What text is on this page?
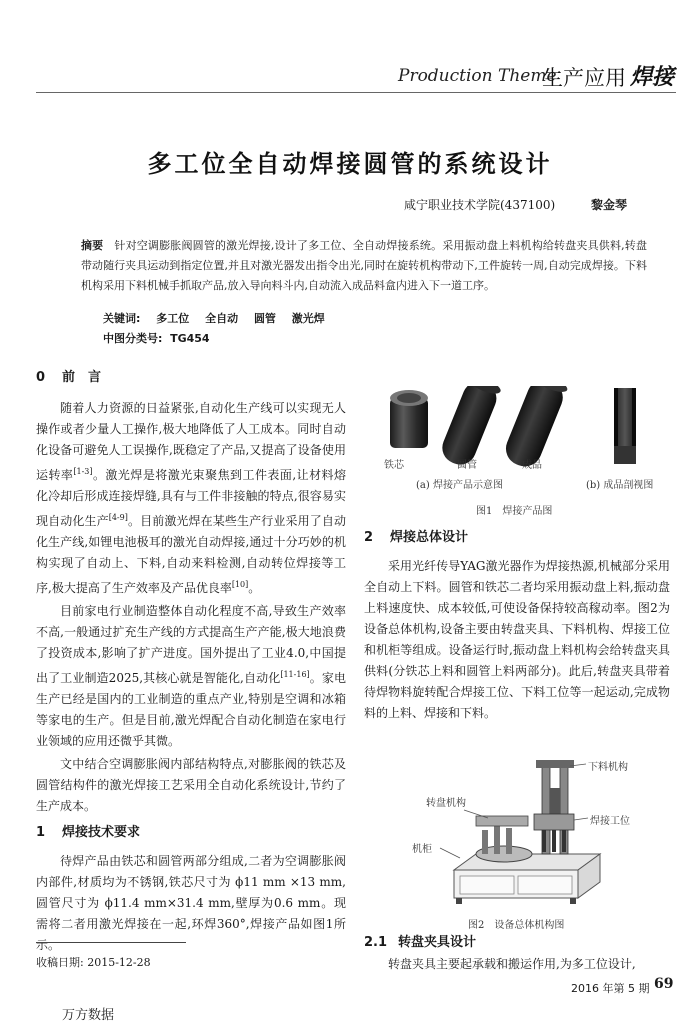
Production Theme
生产应用 焊接
多工位全自动焊接圆管的系统设计
咸宁职业技术学院(437100)	黎金琴
摘要 针对空调膨胀阀圆管的激光焊接,设计了多工位、全自动焊接系统。采用振动盘上料机构给转盘夹具供料,转盘带动随行夹具运动到指定位置,并且对激光器发出指令出光,同时在旋转机构带动下,工件旋转一周,自动完成焊接。下料机构采用下料机械手抓取产品,放入导向料斗内,自动流入成品料盒内进入下一道工序。
关键词: 多工位 全自动 圆管 激光焊
中图分类号: TG454
0 前　言

随着人力资源的日益紧张,自动化生产线可以实现无人操作或者少量人工操作,极大地降低了人工成本。同时自动化设备可避免人工误操作,既稳定了产品,又提高了设备使用运转率[1-3]。激光焊是将激光束聚焦到工件表面,让材料熔化冷却后形成连接焊缝,具有与工件非接触的特点,很容易实现自动化生产[4-9]。目前激光焊在某些生产行业采用了自动化生产线,如锂电池极耳的激光自动焊接,通过十分巧妙的机构实现了自动上、下料,自动来料检测,自动转位焊接等工序,极大提高了生产效率及产品优良率[10]。

目前家电行业制造整体自动化程度不高,导致生产效率不高,一般通过扩充生产线的方式提高生产产能,极大地浪费了投资成本,影响了扩产进度。国外提出了工业4.0,中国提出了工业制造2025,其核心就是智能化,自动化[11-16]。家电生产已经是国内的工业制造的重点产业,特别是空调和冰箱等家电的生产。但是目前,激光焊配合自动化制造在家电行业领域的应用还微乎其微。

文中结合空调膨胀阀内部结构特点,对膨胀阀的铁芯及圆管结构件的激光焊接工艺采用全自动化系统设计,节约了生产成本。

1 焊接技术要求

待焊产品由铁芯和圆管两部分组成,二者为空调膨胀阀内部件,材质均为不锈钢,铁芯尺寸为 ϕ11 mm ×13 mm,圆管尺寸为 ϕ11.4 mm×31.4 mm,壁厚为0.6 mm。现需将二者用激光焊接在一起,环焊360°,焊接产品如图1所示。

铁芯	圆管	成品
(a) 焊接产品示意图	(b) 成品剖视图
图1　焊接产品图
2 焊接总体设计

采用光纤传导YAG激光器作为焊接热源,机械部分采用全自动上下料。圆管和铁芯二者均采用振动盘上料,振动盘上料速度快、成本较低,可使设备保持较高稼动率。图2为设备总体机构,设备主要由转盘夹具、下料机构、焊接工位和机柜等组成。设备运行时,振动盘上料机构会给转盘夹具供料(分铁芯上料和圆管上料两部分)。此后,转盘夹具带着待焊物料旋转配合焊接工位、下料工位等一起运动,完成物料的上料、焊接和下料。

转盘机构
下料机构
焊接工位
机柜
图2　设备总体机构图
2.1 转盘夹具设计

转盘夹具主要起承载和搬运作用,为多工位设计,

收稿日期: 2015-12-28
2016 年第 5 期 69
万方数据
